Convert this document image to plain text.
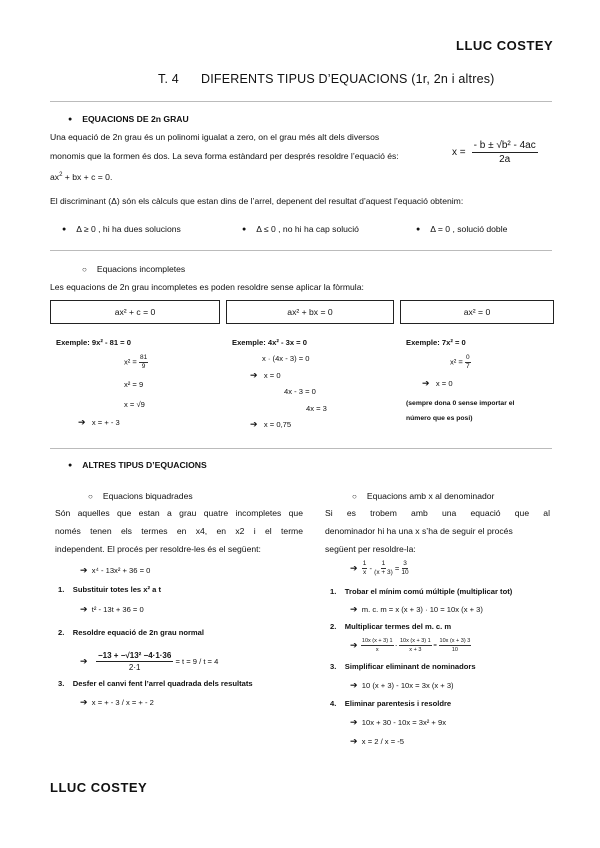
LLUC COSTEY
T. 4      DIFERENTS TIPUS D’EQUACIONS (1r, 2n i altres)
● EQUACIONS DE 2n GRAU
Una equació de 2n grau és un polinomi igualat a zero, on el grau més alt dels diversos
monomis que la formen és dos. La seva forma estàndard per després resoldre l’equació és:
$ax^2$ + bx + c = 0.
$x = \frac{\text{- b ± √b² - 4ac}}{2a}$
El discriminant (Δ) són els càlculs que estan dins de l’arrel, depenent del resultat d’aquest l’equació obtenim:
● Δ ≥ 0 , hi ha dues solucions	● Δ ≤ 0 , no hi ha cap solució	● Δ = 0 , solució doble
○ Equacions incompletes
Les equacions de 2n grau incompletes es poden resoldre sense aplicar la fòrmula:
ax² + c = 0	ax² + bx = 0	ax² = 0
Exemple: 9x² - 81 = 0
$x^2 = \frac{81}{9}$
x² = 9
x = √9
➔ x = + - 3
Exemple: 4x² - 3x = 0
x · (4x - 3) = 0
➔ x = 0
4x - 3 = 0
4x = 3
➔ x = 0,75
Exemple: 7x² = 0
$x^2 = \frac{0}{7}$
➔ x = 0
(sempre dona 0 sense importar el
número que es posi)
● ALTRES TIPUS D’EQUACIONS
○ Equacions biquadrades
Són aquelles que estan a grau quatre incompletes que
només tenen els termes en x4, en x2 i el terme
independent. El procés per resoldre-les és el següent:
➔ x⁴ - 13x² + 36 = 0
1.    Substituir totes les x² a t
➔ t² - 13t + 36 = 0
2.    Resoldre equació de 2n grau normal
➔
$\frac{\text{−13 + −√13² −4·1·36}}{2\cdot 1}$
= t = 9 / t = 4
3.    Desfer el canvi fent l’arrel quadrada dels resultats
➔ x = + - 3 / x = + - 2
○ Equacions amb x al denominador
Si es trobem amb una equació que al
denominador hi ha una x s’ha de seguir el procés
següent per resoldre-la:
➔
$\frac{1}{x} - \frac{1}{(x + 3)} = \frac{3}{10}$
1.    Trobar el mínim comú múltiple (multiplicar tot)
➔ m. c. m = x (x + 3) · 10 = 10x (x + 3)
2.    Multiplicar termes del m. c. m
➔
$\frac{10x (x + 3) 1}{x} - \frac{10x (x + 3) 1}{x + 3} = \frac{10x (x + 3) 3}{10}$
3.    Simplificar eliminant de nominadors
➔ 10 (x + 3) - 10x = 3x (x + 3)
4.    Eliminar parentesis i resoldre
➔ 10x + 30 - 10x = 3x² + 9x
➔ x = 2 / x = -5
LLUC COSTEY
